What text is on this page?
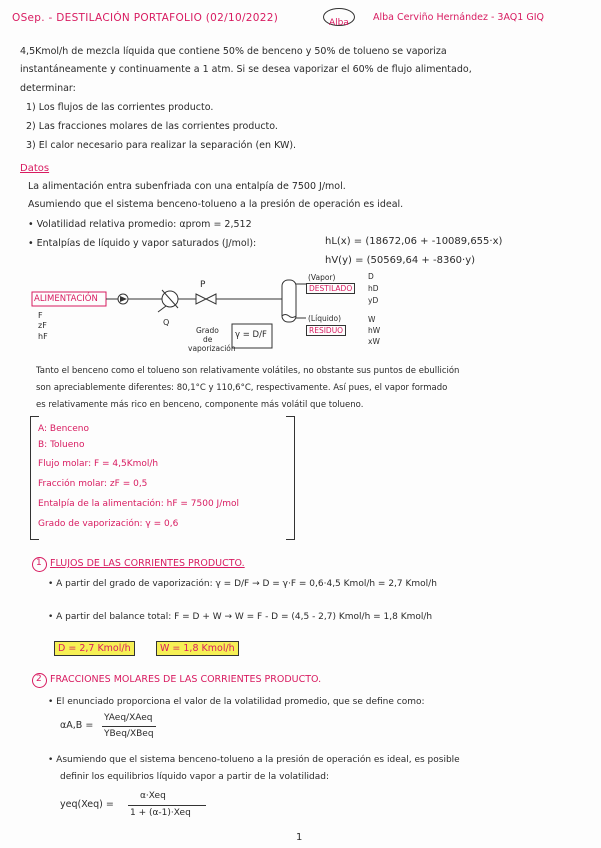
OSep. - DESTILACIÓN PORTAFOLIO (02/10/2022)	Alba	Alba Cerviño Hernández - 3AQ1 GIQ
4,5Kmol/h de mezcla líquida que contiene 50% de benceno y 50% de tolueno se vaporiza
instantáneamente y continuamente a 1 atm. Si se desea vaporizar el 60% de flujo alimentado,
determinar:
1) Los flujos de las corrientes producto.
2) Las fracciones molares de las corrientes producto.
3) El calor necesario para realizar la separación (en KW).
Datos
La alimentación entra subenfriada con una entalpía de 7500 J/mol.
Asumiendo que el sistema benceno-tolueno a la presión de operación es ideal.
• Volatilidad relativa promedio: αprom = 2,512
• Entalpías de líquido y vapor saturados (J/mol):	hL(x) = (18672,06 + -10089,655·x)
hV(y) = (50569,64 + -8360·y)
ALIMENTACIÓN
F
zF
hF
P
Q
Grado
de
vaporización
γ = D/F
(Vapor)
DESTILADO
D
hD
yD
(Líquido)
RESIDUO
W
hW
xW
Tanto el benceno como el tolueno son relativamente volátiles, no obstante sus puntos de ebullición
son apreciablemente diferentes: 80,1°C y 110,6°C, respectivamente. Así pues, el vapor formado
es relativamente más rico en benceno, componente más volátil que tolueno.
A: Benceno
B: Tolueno
Flujo molar: F = 4,5Kmol/h
Fracción molar: zF = 0,5
Entalpía de la alimentación: hF = 7500 J/mol
Grado de vaporización: γ = 0,6
1 FLUJOS DE LAS CORRIENTES PRODUCTO.
• A partir del grado de vaporización: γ = D/F → D = γ·F = 0,6·4,5 Kmol/h = 2,7 Kmol/h
• A partir del balance total: F = D + W → W = F - D = (4,5 - 2,7) Kmol/h = 1,8 Kmol/h
D = 2,7 Kmol/h	W = 1,8 Kmol/h
2 FRACCIONES MOLARES DE LAS CORRIENTES PRODUCTO.
• El enunciado proporciona el valor de la volatilidad promedio, que se define como:
αA,B =
YAeq/XAeq
YBeq/XBeq
• Asumiendo que el sistema benceno-tolueno a la presión de operación es ideal, es posible
definir los equilibrios líquido vapor a partir de la volatilidad:
yeq(Xeq) =
α·Xeq
1 + (α-1)·Xeq
1
